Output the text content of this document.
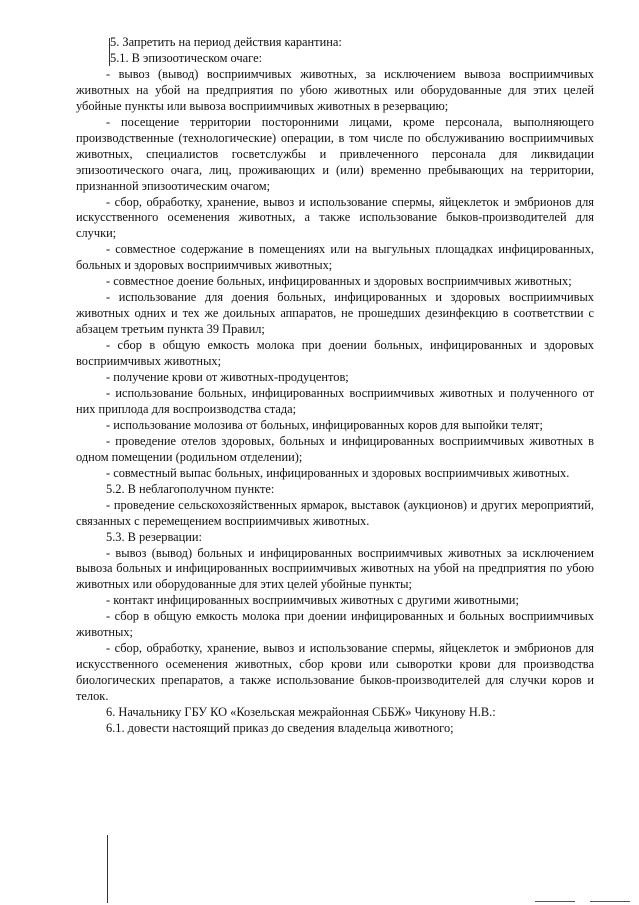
5. Запретить на период действия карантина:

5.1. В эпизоотическом очаге:

- вывоз (вывод) восприимчивых животных, за исключением вывоза восприимчивых животных на убой на предприятия по убою животных или оборудованные для этих целей убойные пункты или вывоза восприимчивых животных в резервацию;

- посещение территории посторонними лицами, кроме персонала, выполняющего производственные (технологические) операции, в том числе по обслуживанию восприимчивых животных, специалистов госветслужбы и привлеченного персонала для ликвидации эпизоотического очага, лиц, проживающих и (или) временно пребывающих на территории, признанной эпизоотическим очагом;

- сбор, обработку, хранение, вывоз и использование спермы, яйцеклеток и эмбрионов для искусственного осеменения животных, а также использование быков-производителей для случки;

- совместное содержание в помещениях или на выгульных площадках инфицированных, больных и здоровых восприимчивых животных;

- совместное доение больных, инфицированных и здоровых восприимчивых животных;

- использование для доения больных, инфицированных и здоровых восприимчивых животных одних и тех же доильных аппаратов, не прошедших дезинфекцию в соответствии с абзацем третьим пункта 39 Правил;

- сбор в общую емкость молока при доении больных, инфицированных и здоровых восприимчивых животных;

- получение крови от животных-продуцентов;

- использование больных, инфицированных восприимчивых животных и полученного от них приплода для воспроизводства стада;

- использование молозива от больных, инфицированных коров для выпойки телят;

- проведение отелов здоровых, больных и инфицированных восприимчивых животных в одном помещении (родильном отделении);

- совместный выпас больных, инфицированных и здоровых восприимчивых животных.

5.2. В неблагополучном пункте:

- проведение сельскохозяйственных ярмарок, выставок (аукционов) и других мероприятий, связанных с перемещением восприимчивых животных.

5.3. В резервации:

- вывоз (вывод) больных и инфицированных восприимчивых животных за исключением вывоза больных и инфицированных восприимчивых животных на убой на предприятия по убою животных или оборудованные для этих целей убойные пункты;

- контакт инфицированных восприимчивых животных с другими животными;

- сбор в общую емкость молока при доении инфицированных и больных восприимчивых животных;

- сбор, обработку, хранение, вывоз и использование спермы, яйцеклеток и эмбрионов для искусственного осеменения животных, сбор крови или сыворотки крови для производства биологических препаратов, а также использование быков-производителей для случки коров и телок.

6. Начальнику ГБУ КО «Козельская межрайонная СББЖ» Чикунову Н.В.:

6.1. довести настоящий приказ до сведения владельца животного;
